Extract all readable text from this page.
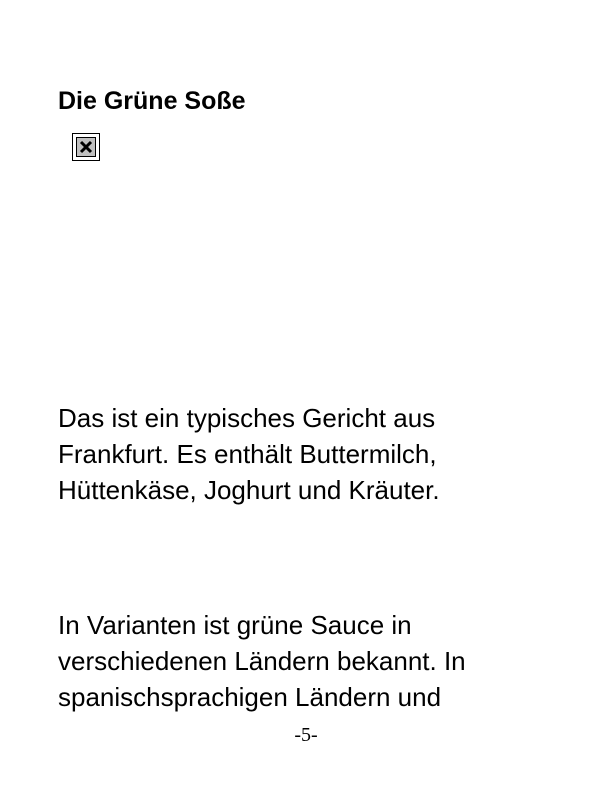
Die Grüne Soße
Das ist ein typisches Gericht aus
Frankfurt. Es enthält Buttermilch,
Hüttenkäse, Joghurt und Kräuter.
In Varianten ist grüne Sauce in
verschiedenen Ländern bekannt. In
spanischsprachigen Ländern und
-5-
